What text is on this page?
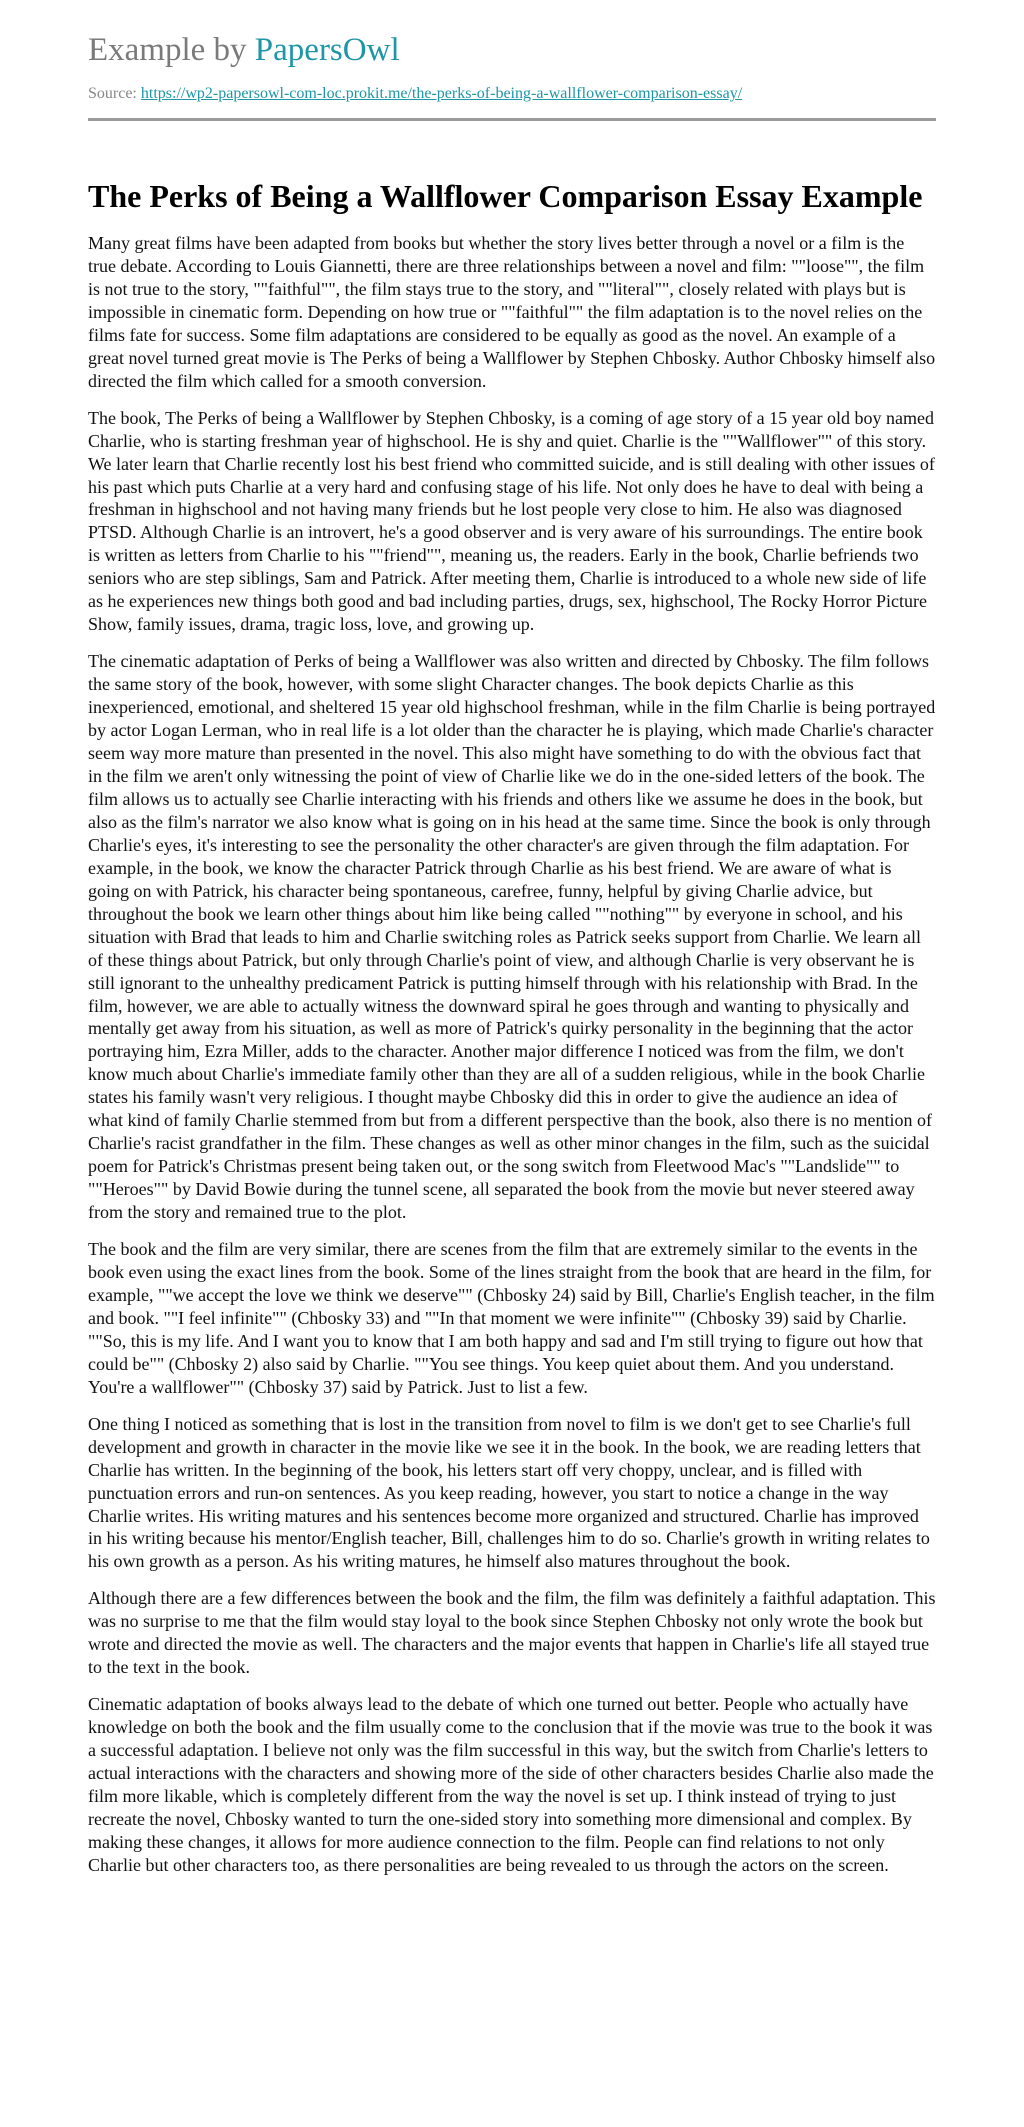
Example by PapersOwl
Source: https://wp2-papersowl-com-loc.prokit.me/the-perks-of-being-a-wallflower-comparison-essay/
The Perks of Being a Wallflower Comparison Essay Example

Many great films have been adapted from books but whether the story lives better through a novel or a film is the true debate. According to Louis Giannetti, there are three relationships between a novel and film: ""loose"", the film is not true to the story, ""faithful"", the film stays true to the story, and ""literal"", closely related with plays but is impossible in cinematic form. Depending on how true or ""faithful"" the film adaptation is to the novel relies on the films fate for success. Some film adaptations are considered to be equally as good as the novel. An example of a great novel turned great movie is The Perks of being a Wallflower by Stephen Chbosky. Author Chbosky himself also directed the film which called for a smooth conversion.

The book, The Perks of being a Wallflower by Stephen Chbosky, is a coming of age story of a 15 year old boy named Charlie, who is starting freshman year of highschool. He is shy and quiet. Charlie is the ""Wallflower"" of this story. We later learn that Charlie recently lost his best friend who committed suicide, and is still dealing with other issues of his past which puts Charlie at a very hard and confusing stage of his life. Not only does he have to deal with being a freshman in highschool and not having many friends but he lost people very close to him. He also was diagnosed PTSD. Although Charlie is an introvert, he's a good observer and is very aware of his surroundings. The entire book is written as letters from Charlie to his ""friend"", meaning us, the readers. Early in the book, Charlie befriends two seniors who are step siblings, Sam and Patrick. After meeting them, Charlie is introduced to a whole new side of life as he experiences new things both good and bad including parties, drugs, sex, highschool, The Rocky Horror Picture Show, family issues, drama, tragic loss, love, and growing up.

The cinematic adaptation of Perks of being a Wallflower was also written and directed by Chbosky. The film follows the same story of the book, however, with some slight Character changes. The book depicts Charlie as this inexperienced, emotional, and sheltered 15 year old highschool freshman, while in the film Charlie is being portrayed by actor Logan Lerman, who in real life is a lot older than the character he is playing, which made Charlie's character seem way more mature than presented in the novel. This also might have something to do with the obvious fact that in the film we aren't only witnessing the point of view of Charlie like we do in the one-sided letters of the book. The film allows us to actually see Charlie interacting with his friends and others like we assume he does in the book, but also as the film's narrator we also know what is going on in his head at the same time. Since the book is only through Charlie's eyes, it's interesting to see the personality the other character's are given through the film adaptation. For example, in the book, we know the character Patrick through Charlie as his best friend. We are aware of what is going on with Patrick, his character being spontaneous, carefree, funny, helpful by giving Charlie advice, but throughout the book we learn other things about him like being called ""nothing"" by everyone in school, and his situation with Brad that leads to him and Charlie switching roles as Patrick seeks support from Charlie. We learn all of these things about Patrick, but only through Charlie's point of view, and although Charlie is very observant he is still ignorant to the unhealthy predicament Patrick is putting himself through with his relationship with Brad. In the film, however, we are able to actually witness the downward spiral he goes through and wanting to physically and mentally get away from his situation, as well as more of Patrick's quirky personality in the beginning that the actor portraying him, Ezra Miller, adds to the character. Another major difference I noticed was from the film, we don't know much about Charlie's immediate family other than they are all of a sudden religious, while in the book Charlie states his family wasn't very religious. I thought maybe Chbosky did this in order to give the audience an idea of what kind of family Charlie stemmed from but from a different perspective than the book, also there is no mention of Charlie's racist grandfather in the film. These changes as well as other minor changes in the film, such as the suicidal poem for Patrick's Christmas present being taken out, or the song switch from Fleetwood Mac's ""Landslide"" to ""Heroes"" by David Bowie during the tunnel scene, all separated the book from the movie but never steered away from the story and remained true to the plot.

The book and the film are very similar, there are scenes from the film that are extremely similar to the events in the book even using the exact lines from the book. Some of the lines straight from the book that are heard in the film, for example, ""we accept the love we think we deserve"" (Chbosky 24) said by Bill, Charlie's English teacher, in the film and book. ""I feel infinite"" (Chbosky 33) and ""In that moment we were infinite"" (Chbosky 39) said by Charlie. ""So, this is my life. And I want you to know that I am both happy and sad and I'm still trying to figure out how that could be"" (Chbosky 2) also said by Charlie. ""You see things. You keep quiet about them. And you understand. You're a wallflower"" (Chbosky 37) said by Patrick. Just to list a few.

One thing I noticed as something that is lost in the transition from novel to film is we don't get to see Charlie's full development and growth in character in the movie like we see it in the book. In the book, we are reading letters that Charlie has written. In the beginning of the book, his letters start off very choppy, unclear, and is filled with punctuation errors and run-on sentences. As you keep reading, however, you start to notice a change in the way Charlie writes. His writing matures and his sentences become more organized and structured. Charlie has improved in his writing because his mentor/English teacher, Bill, challenges him to do so. Charlie's growth in writing relates to his own growth as a person. As his writing matures, he himself also matures throughout the book.

Although there are a few differences between the book and the film, the film was definitely a faithful adaptation. This was no surprise to me that the film would stay loyal to the book since Stephen Chbosky not only wrote the book but wrote and directed the movie as well. The characters and the major events that happen in Charlie's life all stayed true to the text in the book.

Cinematic adaptation of books always lead to the debate of which one turned out better. People who actually have knowledge on both the book and the film usually come to the conclusion that if the movie was true to the book it was a successful adaptation. I believe not only was the film successful in this way, but the switch from Charlie's letters to actual interactions with the characters and showing more of the side of other characters besides Charlie also made the film more likable, which is completely different from the way the novel is set up. I think instead of trying to just recreate the novel, Chbosky wanted to turn the one-sided story into something more dimensional and complex. By making these changes, it allows for more audience connection to the film. People can find relations to not only Charlie but other characters too, as there personalities are being revealed to us through the actors on the screen.
